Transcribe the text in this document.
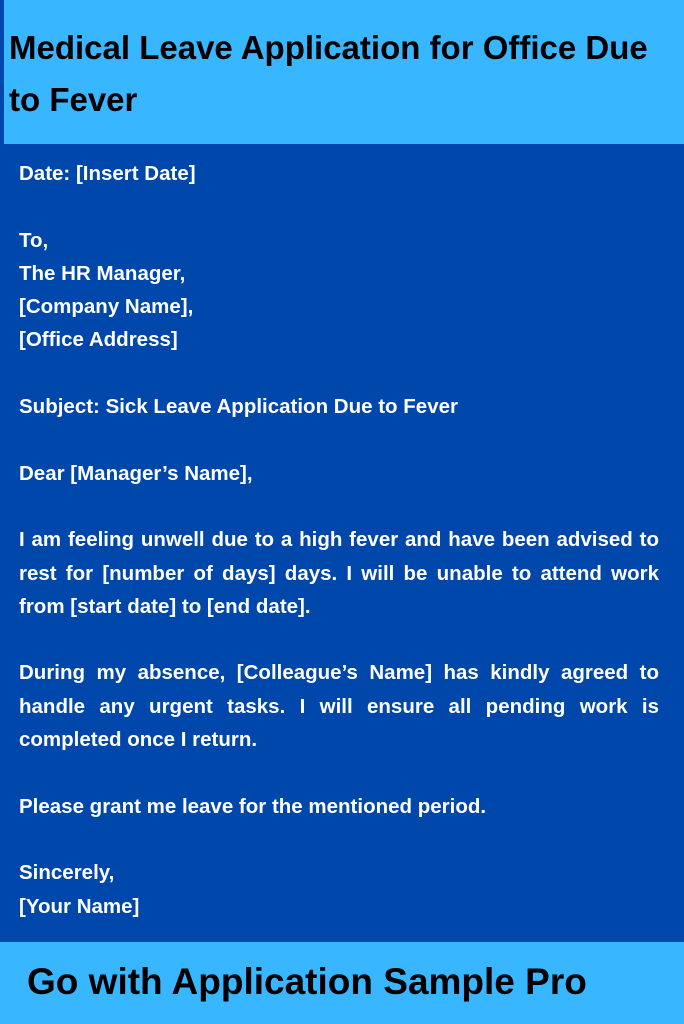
Medical Leave Application for Office Due to Fever
Date: [Insert Date]
To,
The HR Manager,
[Company Name],
[Office Address]
Subject: Sick Leave Application Due to Fever
Dear [Manager’s Name],

I am feeling unwell due to a high fever and have been advised to rest for [number of days] days. I will be unable to attend work from [start date] to [end date].

During my absence, [Colleague’s Name] has kindly agreed to handle any urgent tasks. I will ensure all pending work is completed once I return.

Please grant me leave for the mentioned period.
Sincerely,
[Your Name]
Go with Application Sample Pro
